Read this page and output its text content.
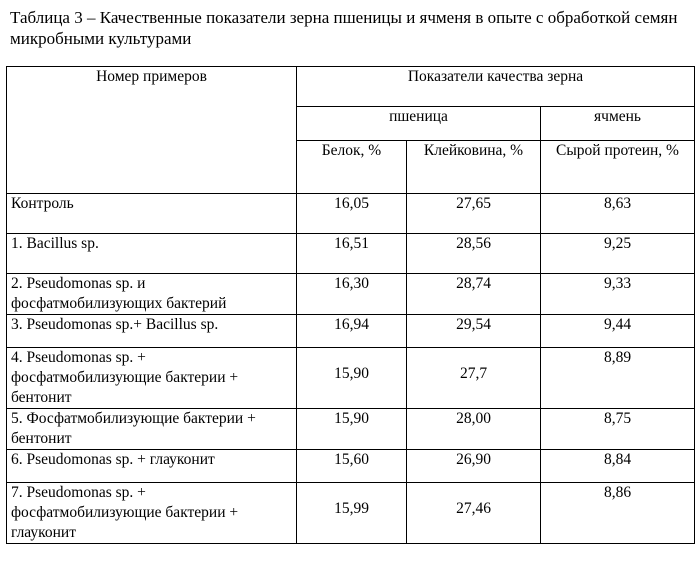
Таблица 3 – Качественные показатели зерна пшеницы и ячменя в опыте с обработкой семян микробными культурами
Номер примеров	Показатели качества зерна		
	пшеница		ячмень
	Белок, %	Клейковина, %	Сырой протеин, %
Контроль	16,05	27,65	8,63
1. Bacillus sp.	16,51	28,56	9,25
2. Pseudomonas sp. и фосфатмобилизующих бактерий	16,30	28,74	9,33
3. Pseudomonas sp.+ Bacillus sp.	16,94	29,54	9,44
4. Pseudomonas sp. + фосфатмобилизующие бактерии + бентонит	15,90	27,7	8,89
5. Фосфатмобилизующие бактерии + бентонит	15,90	28,00	8,75
6. Pseudomonas sp. + глауконит	15,60	26,90	8,84
7. Pseudomonas sp. + фосфатмобилизующие бактерии + глауконит	15,99	27,46	8,86
